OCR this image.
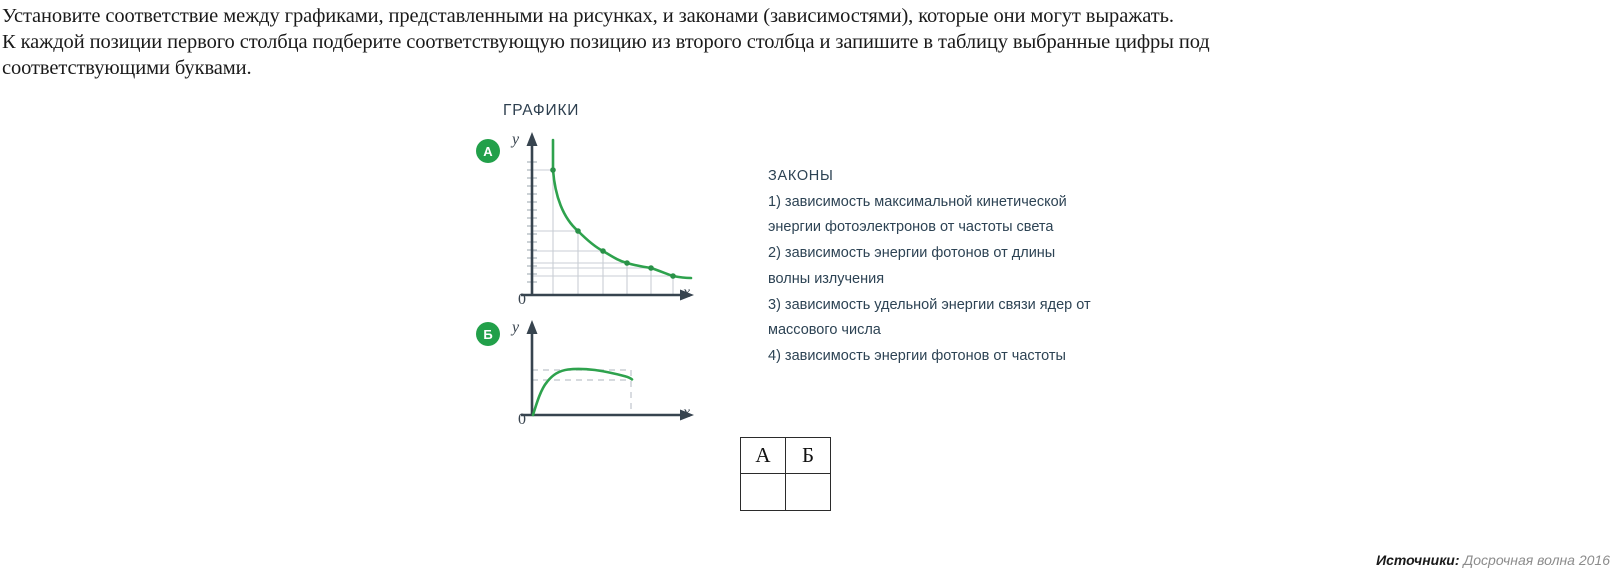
Установите соответствие между графиками, представленными на рисунках, и законами (зависимостями), которые они могут выражать.

К каждой позиции первого столбца подберите соответствующую позицию из второго столбца и запишите в таблицу выбранные цифры под

соответствующими буквами.

ГРАФИКИ
А
y
x
0
Б	y
x
0
ЗАКОНЫ
1) зависимость максимальной кинетической энергии фотоэлектронов от частоты света
2) зависимость энергии фотонов от длины волны излучения
3) зависимость удельной энергии связи ядер от массового числа
4) зависимость энергии фотонов от частоты
А	Б

Источники: Досрочная волна 2016
